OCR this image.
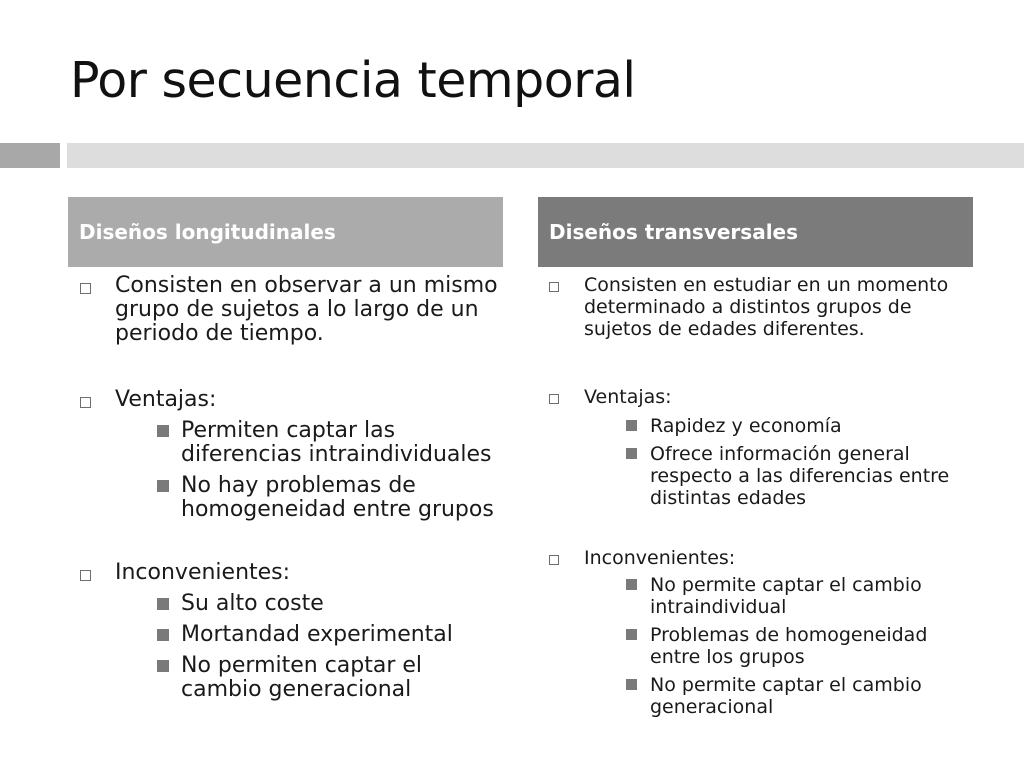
Por secuencia temporal
Diseños longitudinales	Diseños transversales
Consisten en observar a un mismo grupo de sujetos a lo largo de un periodo de tiempo.
Ventajas:
Permiten captar las diferencias intraindividuales
No hay problemas de homogeneidad entre grupos
Inconvenientes:
Su alto coste
Mortandad experimental
No permiten captar el cambio generacional
Consisten en estudiar en un momento determinado a distintos grupos de sujetos de edades diferentes.
Ventajas:
Rapidez y economía
Ofrece información general respecto a las diferencias entre distintas edades
Inconvenientes:
No permite captar el cambio intraindividual
Problemas de homogeneidad entre los grupos
No permite captar el cambio generacional
